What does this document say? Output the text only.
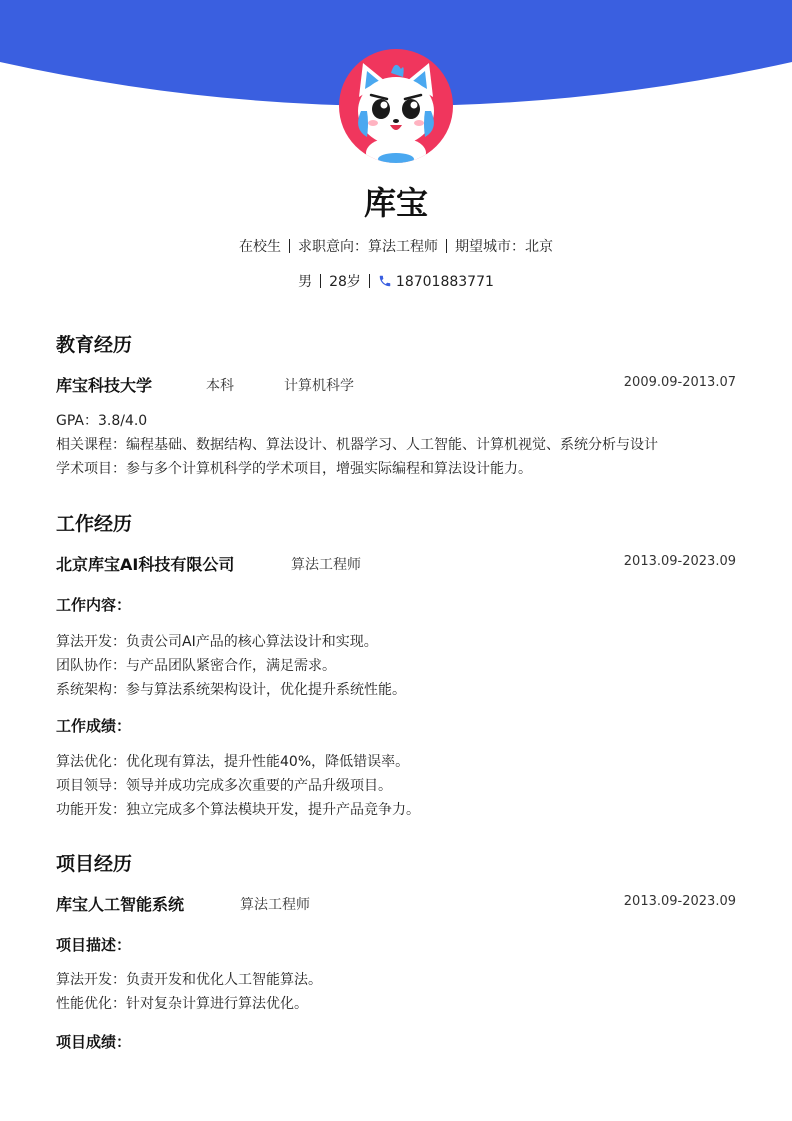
库宝
在校生 求职意向：算法工程师 期望城市：北京
男 28岁	18701883771
教育经历
库宝科技大学	本科	计算机科学	2009.09-2013.07
GPA：3.8/4.0
相关课程：编程基础、数据结构、算法设计、机器学习、人工智能、计算机视觉、系统分析与设计
学术项目：参与多个计算机科学的学术项目，增强实际编程和算法设计能力。
工作经历
北京库宝AI科技有限公司	算法工程师	2013.09-2023.09
工作内容：
算法开发：负责公司AI产品的核心算法设计和实现。
团队协作：与产品团队紧密合作，满足需求。
系统架构：参与算法系统架构设计，优化提升系统性能。
工作成绩：
算法优化：优化现有算法，提升性能40%，降低错误率。
项目领导：领导并成功完成多次重要的产品升级项目。
功能开发：独立完成多个算法模块开发，提升产品竞争力。
项目经历
库宝人工智能系统	算法工程师	2013.09-2023.09
项目描述：
算法开发：负责开发和优化人工智能算法。
性能优化：针对复杂计算进行算法优化。
项目成绩：
